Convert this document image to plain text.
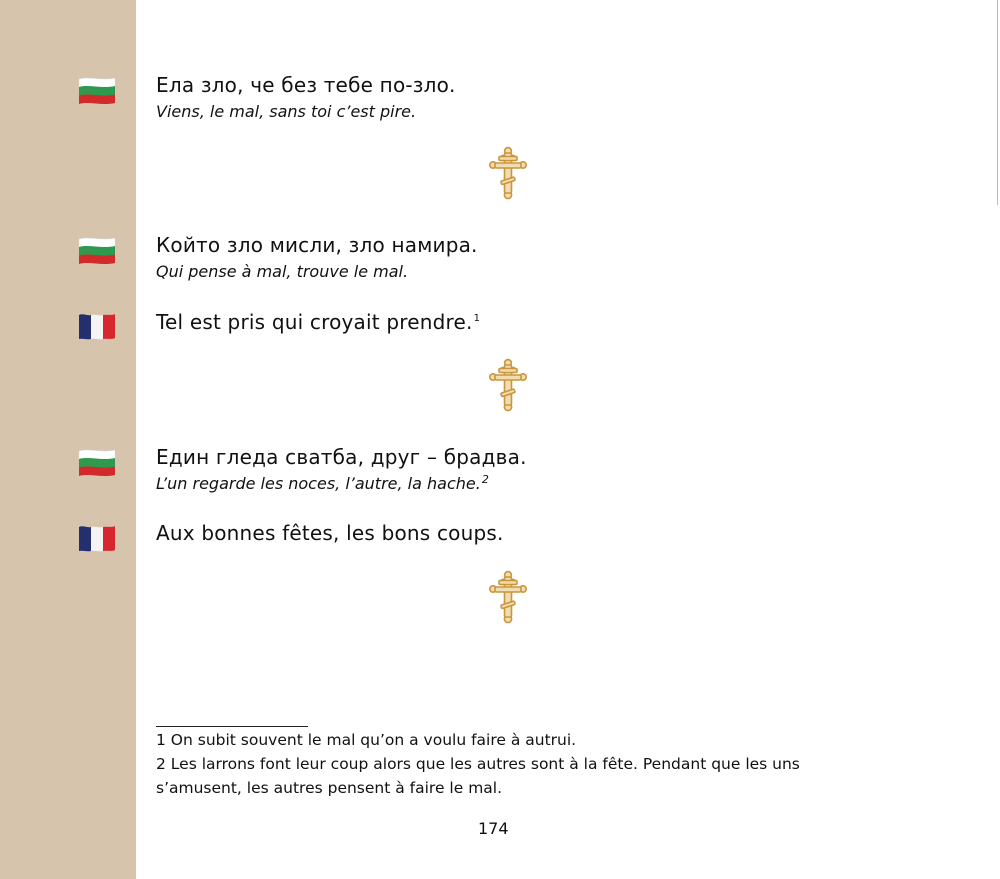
Ела зло, че без тебе по-зло.
Viens, le mal, sans toi c’est pire.
Който зло мисли, зло намира.
Qui pense à mal, trouve le mal.
Tel est pris qui croyait prendre.$^1$
Един гледа сватба, друг – брадва.
L’un regarde les noces, l’autre, la hache.$^2$
Aux bonnes fêtes, les bons coups.
1 On subit souvent le mal qu’on a voulu faire à autrui.
2 Les larrons font leur coup alors que les autres sont à la fête. Pendant que les uns s’amusent, les autres pensent à faire le mal.
174
